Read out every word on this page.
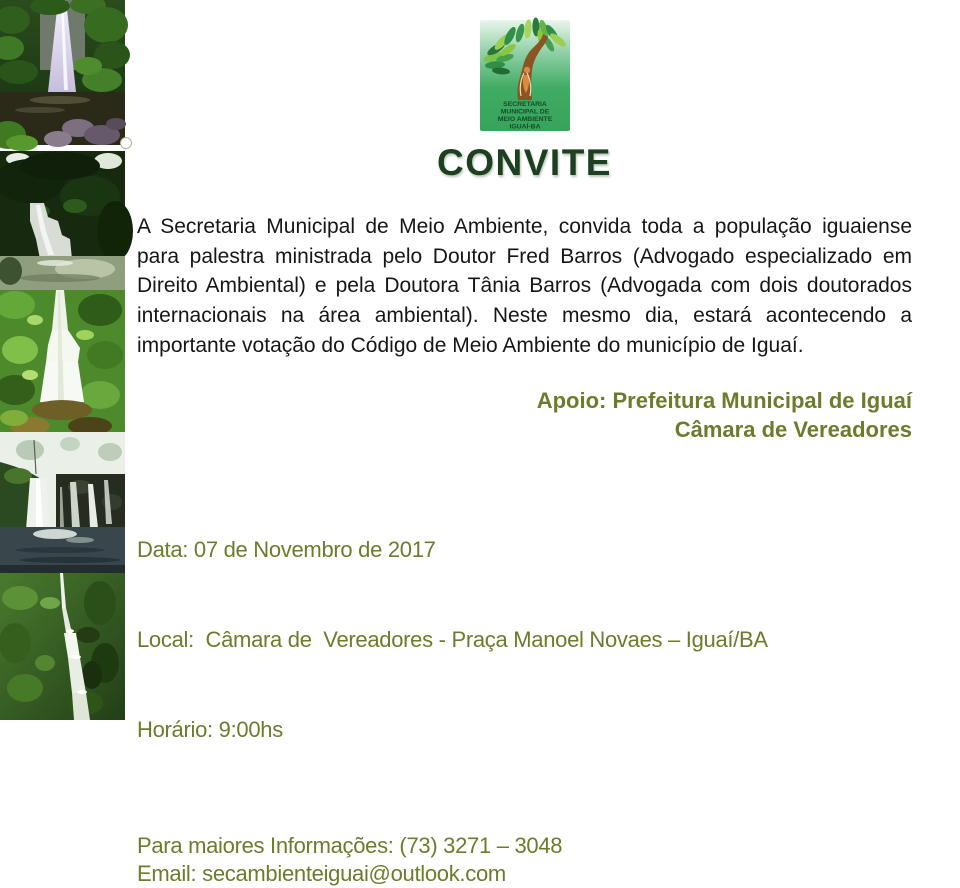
SECRETARIA
MUNICIPAL DE
MEIO AMBIENTE
IGUAÍ-BA
CONVITE

A Secretaria Municipal de Meio Ambiente, convida toda a população iguaiense para palestra ministrada pelo Doutor Fred Barros (Advogado especializado em Direito Ambiental) e pela Doutora Tânia Barros (Advogada com dois doutorados internacionais na área ambiental). Neste mesmo dia, estará acontecendo a importante votação do Código de Meio Ambiente do município de Iguaí.

Apoio: Prefeitura Municipal de Iguaí
Câmara de Vereadores

Data: 07 de Novembro de 2017

Local:  Câmara de  Vereadores - Praça Manoel Novaes – Iguaí/BA

Horário: 9:00hs

Para maiores Informações: (73) 3271 – 3048
Email: secambienteiguai@outlook.com
